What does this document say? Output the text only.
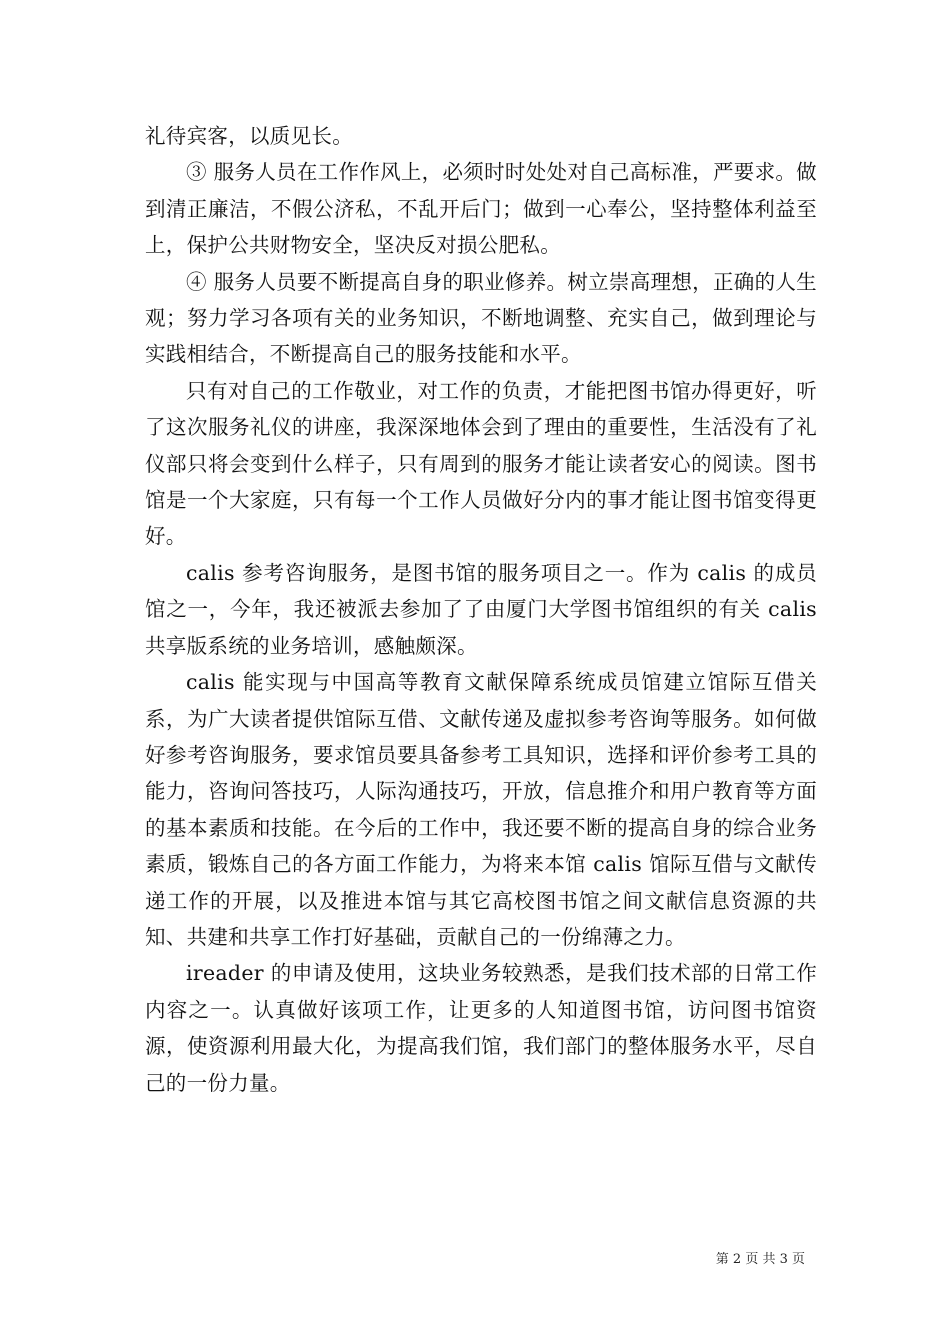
礼待宾客，以质见长。

③ 服务人员在工作作风上，必须时时处处对自己高标准，严要求。做到清正廉洁，不假公济私，不乱开后门；做到一心奉公，坚持整体利益至上，保护公共财物安全，坚决反对损公肥私。

④ 服务人员要不断提高自身的职业修养。树立崇高理想，正确的人生观；努力学习各项有关的业务知识，不断地调整、充实自己，做到理论与实践相结合，不断提高自己的服务技能和水平。

只有对自己的工作敬业，对工作的负责，才能把图书馆办得更好，听了这次服务礼仪的讲座，我深深地体会到了理由的重要性，生活没有了礼仪部只将会变到什么样子，只有周到的服务才能让读者安心的阅读。图书馆是一个大家庭，只有每一个工作人员做好分内的事才能让图书馆变得更好。

calis 参考咨询服务，是图书馆的服务项目之一。作为 calis 的成员馆之一，今年，我还被派去参加了了由厦门大学图书馆组织的有关 calis 共享版系统的业务培训，感触颇深。

calis 能实现与中国高等教育文献保障系统成员馆建立馆际互借关系，为广大读者提供馆际互借、文献传递及虚拟参考咨询等服务。如何做好参考咨询服务，要求馆员要具备参考工具知识，选择和评价参考工具的能力，咨询问答技巧，人际沟通技巧，开放，信息推介和用户教育等方面的基本素质和技能。在今后的工作中，我还要不断的提高自身的综合业务素质，锻炼自己的各方面工作能力，为将来本馆 calis 馆际互借与文献传递工作的开展，以及推进本馆与其它高校图书馆之间文献信息资源的共知、共建和共享工作打好基础，贡献自己的一份绵薄之力。

ireader 的申请及使用，这块业务较熟悉，是我们技术部的日常工作内容之一。认真做好该项工作，让更多的人知道图书馆，访问图书馆资源，使资源利用最大化，为提高我们馆，我们部门的整体服务水平，尽自己的一份力量。

第 2 页 共 3 页
